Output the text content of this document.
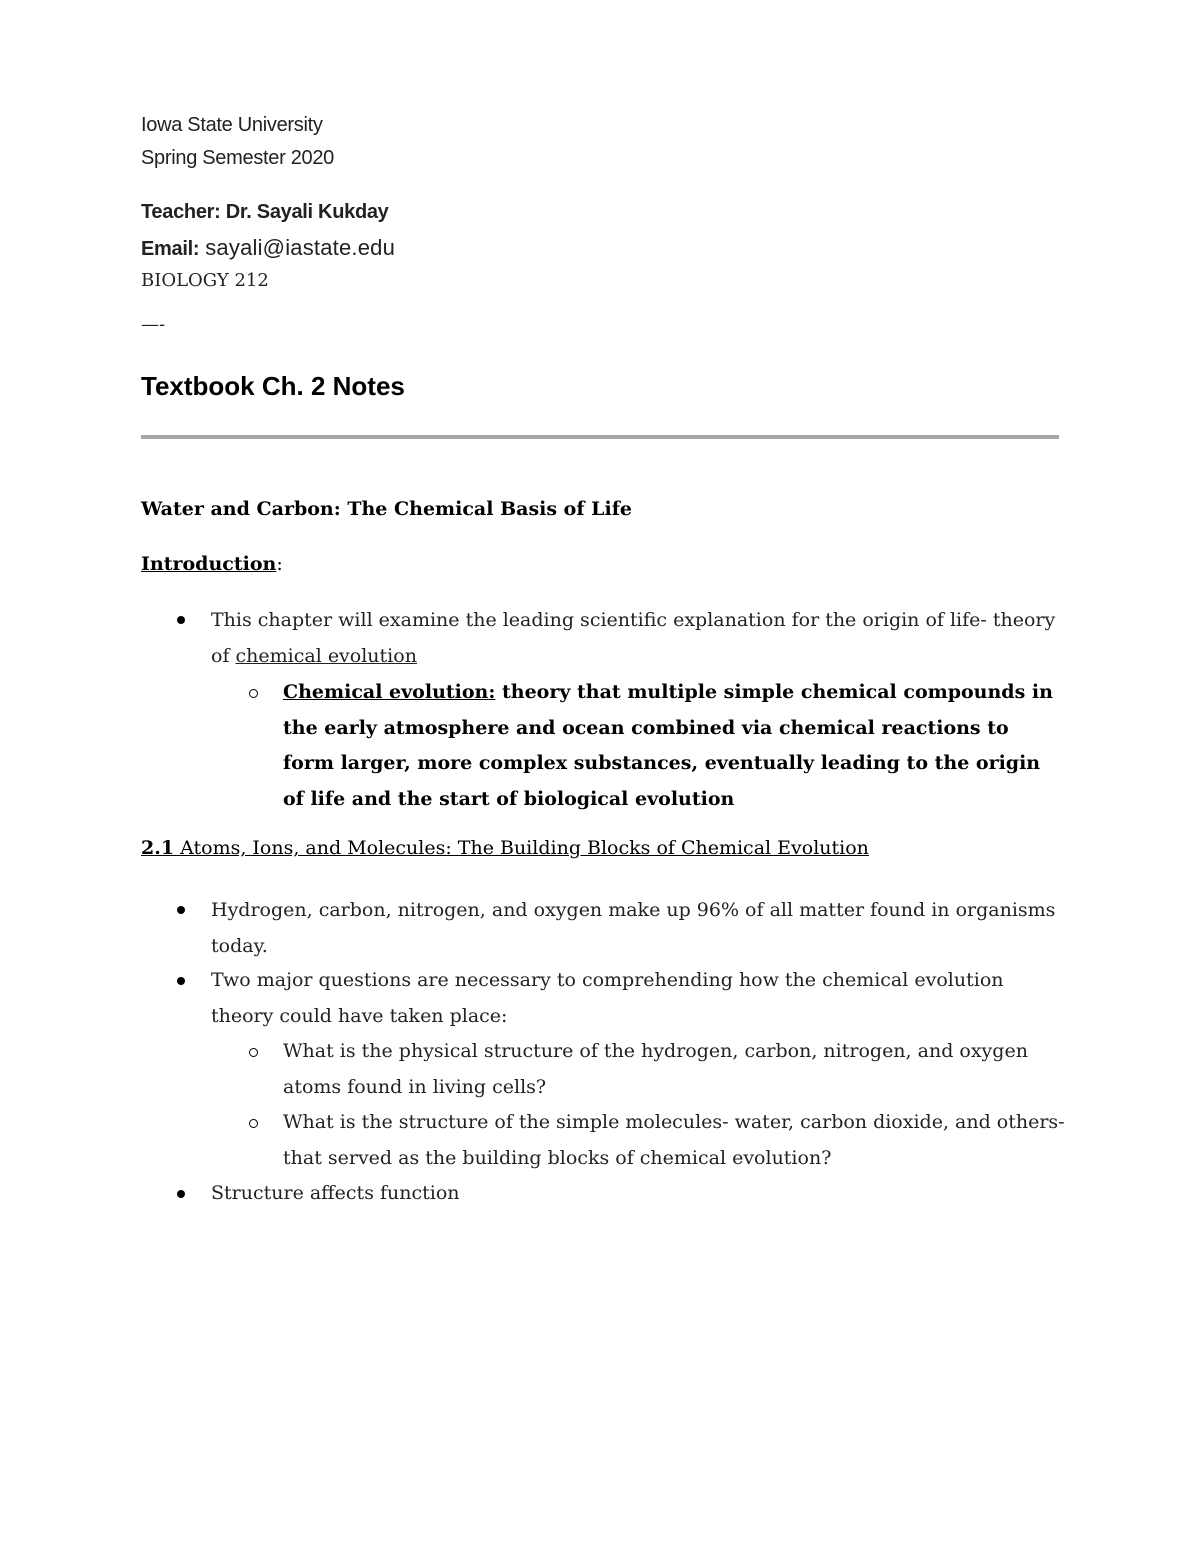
Iowa State University
Spring Semester 2020
Teacher: Dr. Sayali Kukday
Email: sayali@iastate.edu
BIOLOGY 212
—-
Textbook Ch. 2 Notes
Water and Carbon: The Chemical Basis of Life
Introduction:
This chapter will examine the leading scientific explanation for the origin of life- theory of chemical evolution
Chemical evolution: theory that multiple simple chemical compounds in the early atmosphere and ocean combined via chemical reactions to form larger, more complex substances, eventually leading to the origin of life and the start of biological evolution
2.1 Atoms, Ions, and Molecules: The Building Blocks of Chemical Evolution
Hydrogen, carbon, nitrogen, and oxygen make up 96% of all matter found in organisms today.
Two major questions are necessary to comprehending how the chemical evolution theory could have taken place:
What is the physical structure of the hydrogen, carbon, nitrogen, and oxygen atoms found in living cells?
What is the structure of the simple molecules- water, carbon dioxide, and others- that served as the building blocks of chemical evolution?
Structure affects function
